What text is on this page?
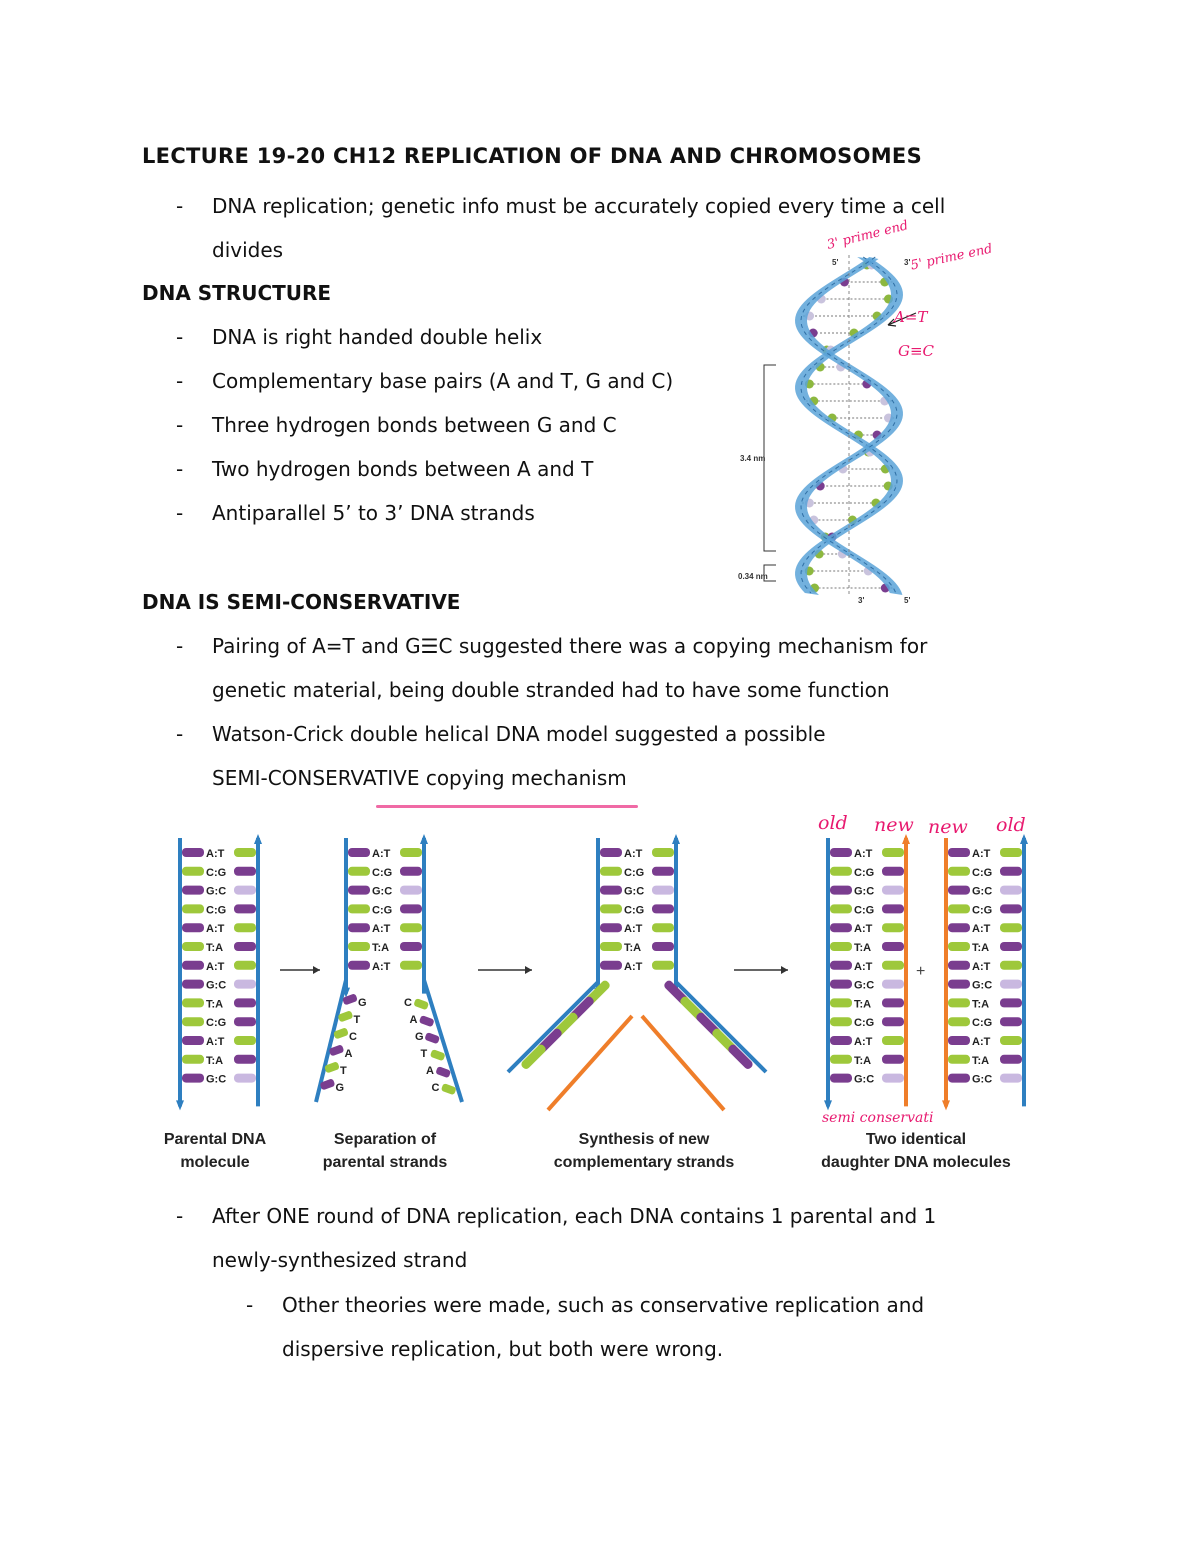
LECTURE 19-20 CH12 REPLICATION OF DNA AND CHROMOSOMES
-	DNA replication; genetic info must be accurately copied every time a cell
divides
DNA STRUCTURE
-	DNA is right handed double helix
-	Complementary base pairs (A and T, G and C)
-	Three hydrogen bonds between G and C
-	Two hydrogen bonds between A and T
-	Antiparallel 5’ to 3’ DNA strands
3.4 nm
0.34 nm
5'	3'
3'	5'
3' prime end
5' prime end
A=T
G≡C
DNA IS SEMI-CONSERVATIVE
-	Pairing of A=T and G☰C suggested there was a copying mechanism for
genetic material, being double stranded had to have some function
-	Watson-Crick double helical DNA model suggested a possible
SEMI-CONSERVATIVE copying mechanism
A:T
C:G
G:C
C:G
A:T
T:A
A:T
G:C
T:A
C:G
A:T
T:A
G:C
A:T
C:G
G:C
C:G
A:T
T:A
A:T
G
T
C
A
T
G
C
A
G
T
A
C
A:T
C:G
G:C
C:G
A:T
T:A
A:T
A:T
C:G
G:C
C:G
A:T
T:A
A:T
G:C
T:A
C:G
A:T
T:A
G:C
A:T
C:G
G:C
C:G
A:T
T:A
A:T
G:C
T:A
C:G
A:T
T:A
G:C
+
old new new old
semi conservati
Parental DNA
molecule
Separation of
parental strands
Synthesis of new
complementary strands
Two identical
daughter DNA molecules
-	After ONE round of DNA replication, each DNA contains 1 parental and 1
newly-synthesized strand
-	Other theories were made, such as conservative replication and
dispersive replication, but both were wrong.
